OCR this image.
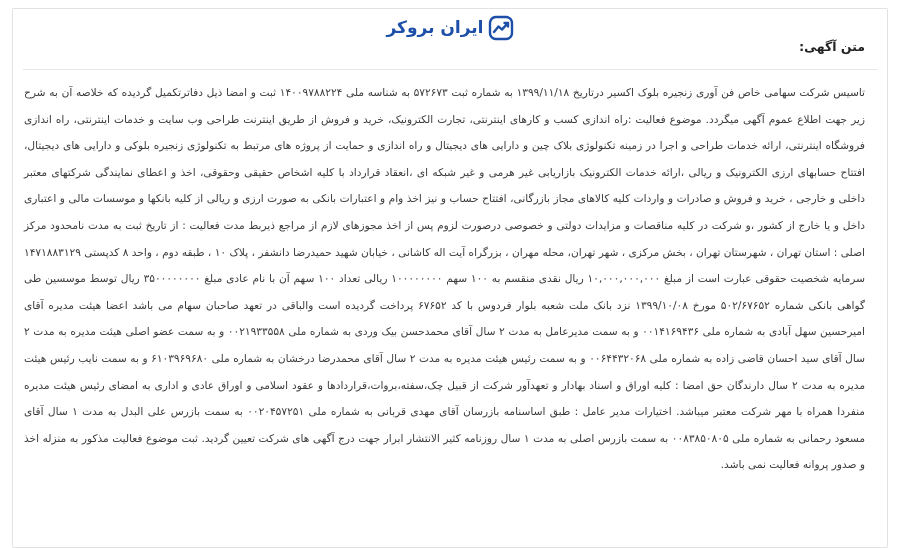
ایران بروکر
متن آگهی:
تاسیس شرکت سهامی خاص فن آوری زنجیره بلوک اکسیر درتاریخ ۱۳۹۹/۱۱/۱۸ به شماره ثبت ۵۷۲۶۷۳ به شناسه ملی ۱۴۰۰۹۷۸۸۲۲۴ ثبت و امضا ذیل دفاترتکمیل گردیده که خلاصه آن به شرح زیر جهت اطلاع عموم آگهی میگردد. موضوع فعالیت :راه اندازی کسب و کارهای اینترنتی، تجارت الکترونیک، خرید و فروش از طریق اینترنت طراحی وب سایت و خدمات اینترنتی، راه اندازی فروشگاه اینترنتی، ارائه خدمات طراحی و اجرا در زمینه تکنولوژی بلاک چین و دارایی های دیجیتال و راه اندازی و حمایت از پروژه های مرتبط به تکنولوژی زنجیره بلوکی و دارایی های دیجیتال، افتتاح حسابهای ارزی الکترونیک و ریالی ،ارائه خدمات الکترونیک بازاریابی غیر هرمی و غیر شبکه ای ،انعقاد قرارداد با کلیه اشخاص حقیقی وحقوقی، اخذ و اعطای نمایندگی شرکتهای معتبر داخلی و خارجی ، خرید و فروش و صادرات و واردات کلیه کالاهای مجاز بازرگانی، افتتاح حساب و نیز اخذ وام و اعتبارات بانکی به صورت ارزی و ریالی از کلیه بانکها و موسسات مالی و اعتباری داخل و یا خارج از کشور ،و شرکت در کلیه مناقصات و مزایدات دولتی و خصوصی درصورت لزوم پس از اخذ مجوزهای لازم از مراجع ذیربط مدت فعالیت : از تاریخ ثبت به مدت نامحدود مرکز اصلی : استان تهران ، شهرستان تهران ، بخش مرکزی ، شهر تهران، محله مهران ، بزرگراه آیت اله کاشانی ، خیابان شهید حمیدرضا دانشفر ، پلاک ۱۰ ، طبقه دوم ، واحد ۸ کدپستی ۱۴۷۱۸۸۳۱۲۹ سرمایه شخصیت حقوقی عبارت است از مبلغ ۱۰,۰۰۰,۰۰۰,۰۰۰ ریال نقدی منقسم به ۱۰۰ سهم ۱۰۰۰۰۰۰۰۰ ریالی تعداد ۱۰۰ سهم آن با نام عادی مبلغ ۳۵۰۰۰۰۰۰۰۰ ریال توسط موسسین طی گواهی بانکی شماره ۵۰۲/۶۷۶۵۲ مورخ ۱۳۹۹/۱۰/۰۸ نزد بانک ملت شعبه بلوار فردوس با کد ۶۷۶۵۲ پرداخت گردیده است والباقی در تعهد صاحبان سهام می باشد اعضا هیئت مدیره آقای امیرحسین سهل آبادی به شماره ملی ۰۰۱۴۱۶۹۴۳۶ و به سمت مدیرعامل به مدت ۲ سال آقای محمدحسن بیک وردی به شماره ملی ۰۰۲۱۹۳۳۵۵۸ و به سمت عضو اصلی هیئت مدیره به مدت ۲ سال آقای سید احسان قاضی زاده به شماره ملی ۰۰۶۴۴۳۲۰۶۸ و به سمت رئیس هیئت مدیره به مدت ۲ سال آقای محمدرضا درخشان به شماره ملی ۶۱۰۳۹۶۹۶۸۰ و به سمت نایب رئیس هیئت مدیره به مدت ۲ سال دارندگان حق امضا : کلیه اوراق و اسناد بهادار و تعهدآور شرکت از قبیل چک،سفته،بروات،قراردادها و عقود اسلامی و اوراق عادی و اداری به امضای رئیس هیئت مدیره منفردا همراه با مهر شرکت معتبر میباشد. اختیارات مدیر عامل : طبق اساسنامه بازرسان آقای مهدی قربانی به شماره ملی ۰۰۲۰۴۵۷۲۵۱ به سمت بازرس علی البدل به مدت ۱ سال آقای مسعود رحمانی به شماره ملی ۰۰۸۳۸۵۰۸۰۵ به سمت بازرس اصلی به مدت ۱ سال روزنامه کثیر الانتشار ابرار جهت درج آگهی های شرکت تعیین گردید. ثبت موضوع فعالیت مذکور به منزله اخذ و صدور پروانه فعالیت نمی باشد.
